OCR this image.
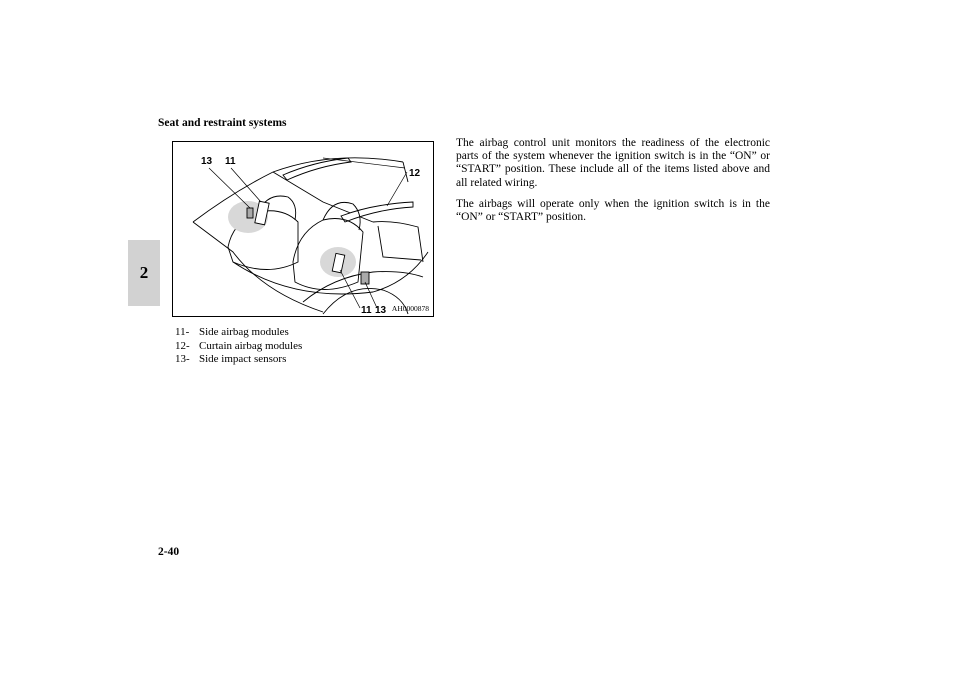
Seat and restraint systems
2
13 11
12
11 13 AH0000878
11- Side airbag modules
12- Curtain airbag modules
13- Side impact sensors

The airbag control unit monitors the readiness of the electronic parts of the system whenever the ignition switch is in the “ON” or “START” position. These include all of the items listed above and all related wiring.

The airbags will operate only when the ignition switch is in the “ON” or “START” position.

2-40
